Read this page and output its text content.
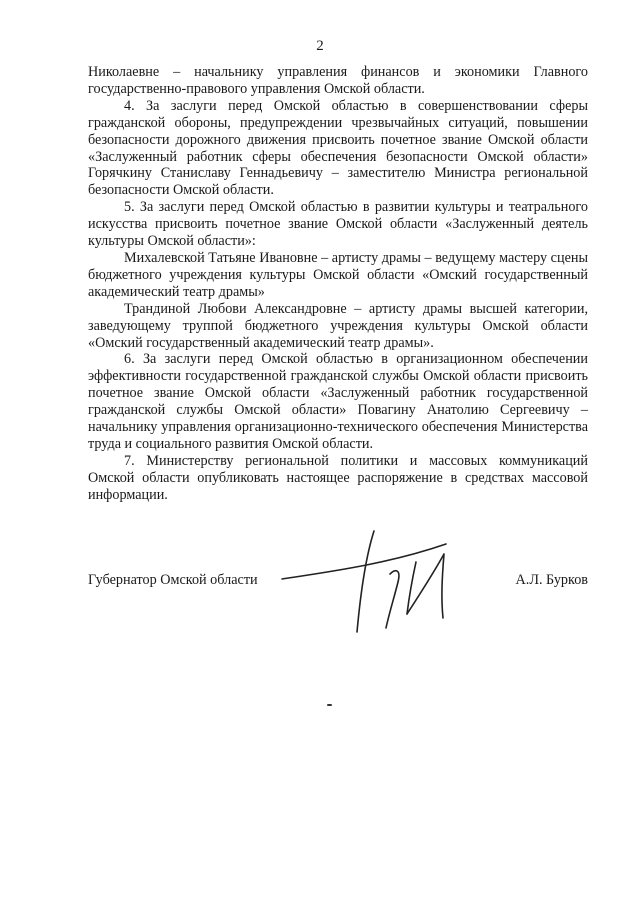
2

Николаевне – начальнику управления финансов и экономики Главного государственно-правового управления Омской области.

4. За заслуги перед Омской областью в совершенствовании сферы гражданской обороны, предупреждении чрезвычайных ситуаций, повышении безопасности дорожного движения присвоить почетное звание Омской области «Заслуженный работник сферы обеспечения безопасности Омской области» Горячкину Станиславу Геннадьевичу – заместителю Министра региональной безопасности Омской области.

5. За заслуги перед Омской областью в развитии культуры и театрального искусства присвоить почетное звание Омской области «Заслуженный деятель культуры Омской области»:

Михалевской Татьяне Ивановне – артисту драмы – ведущему мастеру сцены бюджетного учреждения культуры Омской области «Омский государственный академический театр драмы»

Трандиной Любови Александровне – артисту драмы высшей категории, заведующему труппой бюджетного учреждения культуры Омской области «Омский государственный академический театр драмы».

6. За заслуги перед Омской областью в организационном обеспечении эффективности государственной гражданской службы Омской области присвоить почетное звание Омской области «Заслуженный работник государственной гражданской службы Омской области» Повагину Анатолию Сергеевичу – начальнику управления организационно-технического обеспечения Министерства труда и социального развития Омской области.

7. Министерству региональной политики и массовых коммуникаций Омской области опубликовать настоящее распоряжение в средствах массовой информации.

Губернатор Омской области	А.Л. Бурков
